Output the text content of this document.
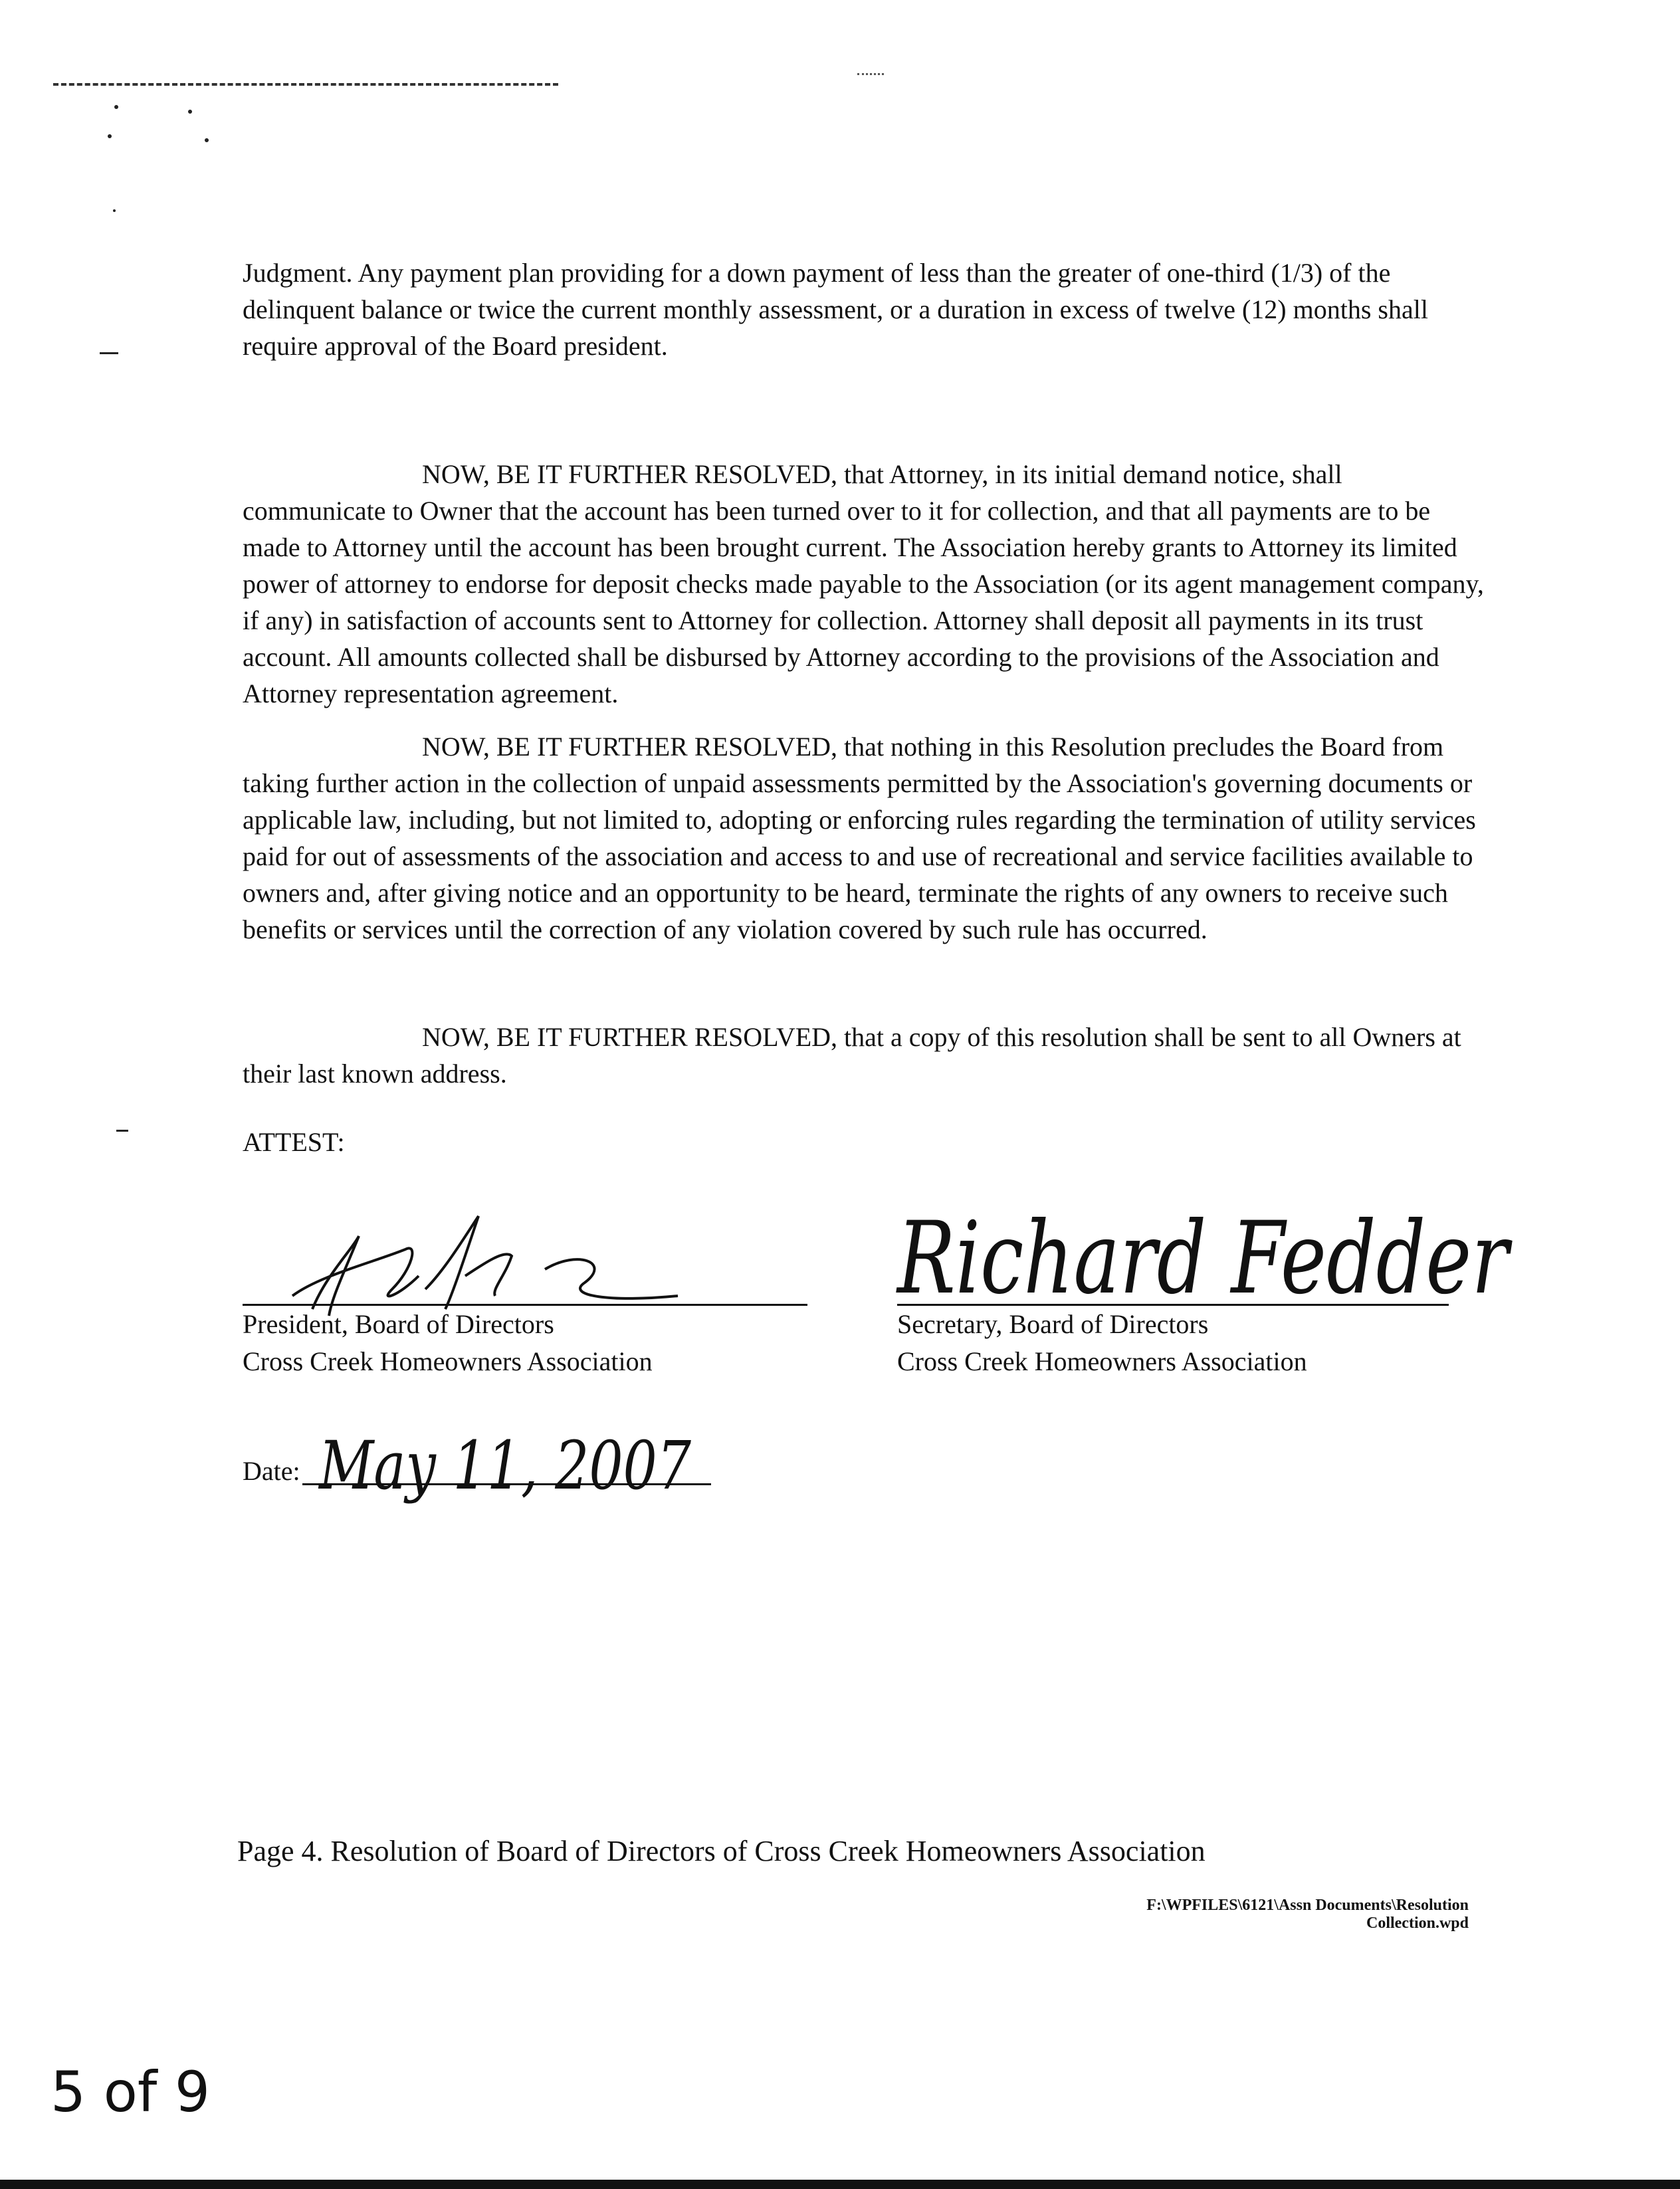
Judgment. Any payment plan providing for a down payment of less than the greater of one-third (1/3) of the delinquent balance or twice the current monthly assessment, or a duration in excess of twelve (12) months shall require approval of the Board president.

NOW, BE IT FURTHER RESOLVED, that Attorney, in its initial demand notice, shall communicate to Owner that the account has been turned over to it for collection, and that all payments are to be made to Attorney until the account has been brought current. The Association hereby grants to Attorney its limited power of attorney to endorse for deposit checks made payable to the Association (or its agent management company, if any) in satisfaction of accounts sent to Attorney for collection. Attorney shall deposit all payments in its trust account. All amounts collected shall be disbursed by Attorney according to the provisions of the Association and Attorney representation agreement.

NOW, BE IT FURTHER RESOLVED, that nothing in this Resolution precludes the Board from taking further action in the collection of unpaid assessments permitted by the Association's governing documents or applicable law, including, but not limited to, adopting or enforcing rules regarding the termination of utility services paid for out of assessments of the association and access to and use of recreational and service facilities available to owners and, after giving notice and an opportunity to be heard, terminate the rights of any owners to receive such benefits or services until the correction of any violation covered by such rule has occurred.

NOW, BE IT FURTHER RESOLVED, that a copy of this resolution shall be sent to all Owners at their last known address.

ATTEST:
President, Board of Directors
Cross Creek Homeowners Association
Richard Fedder
Secretary, Board of Directors
Cross Creek Homeowners Association
Date: May 11, 2007
Page 4. Resolution of Board of Directors of Cross Creek Homeowners Association
F:\WPFILES\6121\Assn Documents\Resolution Collection.wpd
5 of 9
